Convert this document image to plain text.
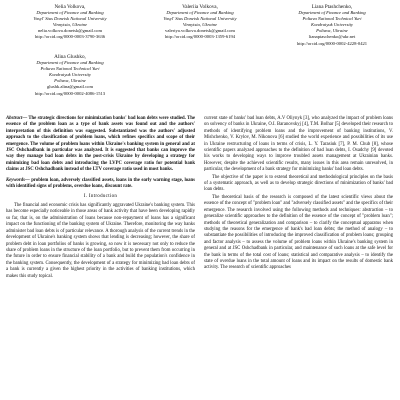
Nelia Volkova,
Department of Finance and Banking
Vasyl' Stus Donetsk National University
Vinnytsia, Ukraine
nelia.volkova.donetsk@gmail.com
http://orcid.org/0000-0003-3790-3636
Valeriia Volkova,
Department of Finance and Banking
Vasyl' Stus Donetsk National University
Vinnytsia, Ukraine
valeriya.volkova.donetsk@gmail.com
http://orcid.org/0000-0003-1359-6194
Liana Ptashchenko,
Department of Finance and Banking
Poltava National Technical Yuri
Kondratyuk University
Poltava, Ukraine
lianaptaschenko@ukr.net
http://orcid.org/0000-0002-4228-0421
Alina Glushko,
Department of Finance and Banking
Poltava National Technical Yuri
Kondratyuk University
Poltava, Ukraine
glushk.alina@gmail.com
http://orcid.org/0000-0002-4086-1513

Abstract— The strategic directions for minimization banks' bad loan debts were studied. The essence of the problem loan as a type of bank assets was found out and the authors' interpretation of this definition was suggested. Substantiated was the authors' adjusted approach to the classification of problem loans, which refines specifics and scope of their emergence. The volume of problem loans within Ukraine's banking system in general and at JSC Oshchadbank in particular was analyzed. It is suggested that banks can improve the way they manage bad loan debts in the post-crisis Ukraine by developing a strategy for minimizing bad loan debts and introducing the LVPC coverage ratio for potential bank claims at JSC Oshchadbank instead of the LTV coverage ratio used in most banks.

Keywords— problem loan, adversely classified assets, loans in the early warning stage, loans with identified signs of problems, overdue loans, discount rate.

I. Introduction

The financial and economic crisis has significantly aggravated Ukraine's banking system. This has become especially noticeable in those areas of bank activity that have been developing rapidly so far, that is, on the administration of loans because non-repayment of loans has a significant impact on the functioning of the banking system of Ukraine. Therefore, monitoring the way banks administer bad loan debts is of particular relevance. A thorough analysis of the current trends in the development of Ukraine's banking system shows that lending is decreasing; however, the share of problem debt in loan portfolios of banks is growing, so now it is necessary not only to reduce the share of problem loans in the structure of the loan portfolio, but to prevent them from occurring in the future in order to ensure financial stability of a bank and build the population's confidence in the banking system. Consequently, the development of a strategy for minimizing bad loan debts of a bank is currently a given the highest priority in the activities of banking institutions, which makes this study topical.

current state of banks' bad loan debts, A.V Oliynyk [3], who analyzed the impact of problem loans on solvency of banks in Ukraine, O.I. Baranovskyj [4], T.M. Bolhar [5] developed their research to methods of identifying problem loans and the improvement of banking institutions, V. Mishchenko, V. Krylov, M. Nikonova [6] studied the world experience and possibilities of its use in Ukraine restructuring of loans in terms of crisis, L. Y. Tarasiuk [7], P. M. Chub [8], whose scientific papers analyzed approaches to the definition of bad loan debts, I. Osadchy [9] devoted his works to developing ways to improve troubled assets management at Ukrainian banks. However, despite the achieved scientific results, many issues in this area remain unresolved, in particular, the development of a bank strategy for minimizing banks' bad loan debts.

The objective of the paper is to extend theoretical and methodological principles on the basis of a systematic approach, as well as to develop strategic directions of minimization of banks' bad loan debts.

The theoretical basis of the research is composed of the latest scientific views about the essence of the concept of "problem loan" and "adversely classified assets" and the specifics of their emergence. The research involved using the following methods and techniques: abstraction – to generalize scientific approaches to the definition of the essence of the concept of "problem loan"; methods of theoretical generalization and comparison – to clarify the conceptual apparatus when studying the reasons for the emergence of bank's bad loan debts; the method of analogy – to substantiate the possibilities of introducing the improved classification of problem loans; grouping and factor analysis – to assess the volume of problem loans within Ukraine's banking system in general and at JSC Oshchadbank in particular, and maintenance of such loans at the safe level for the bank in terms of the total cost of loans; statistical and comparative analysis – to identify the state of overdue loans in the total amount of loans and its impact on the results of domestic bank activity. The research of scientific approaches
